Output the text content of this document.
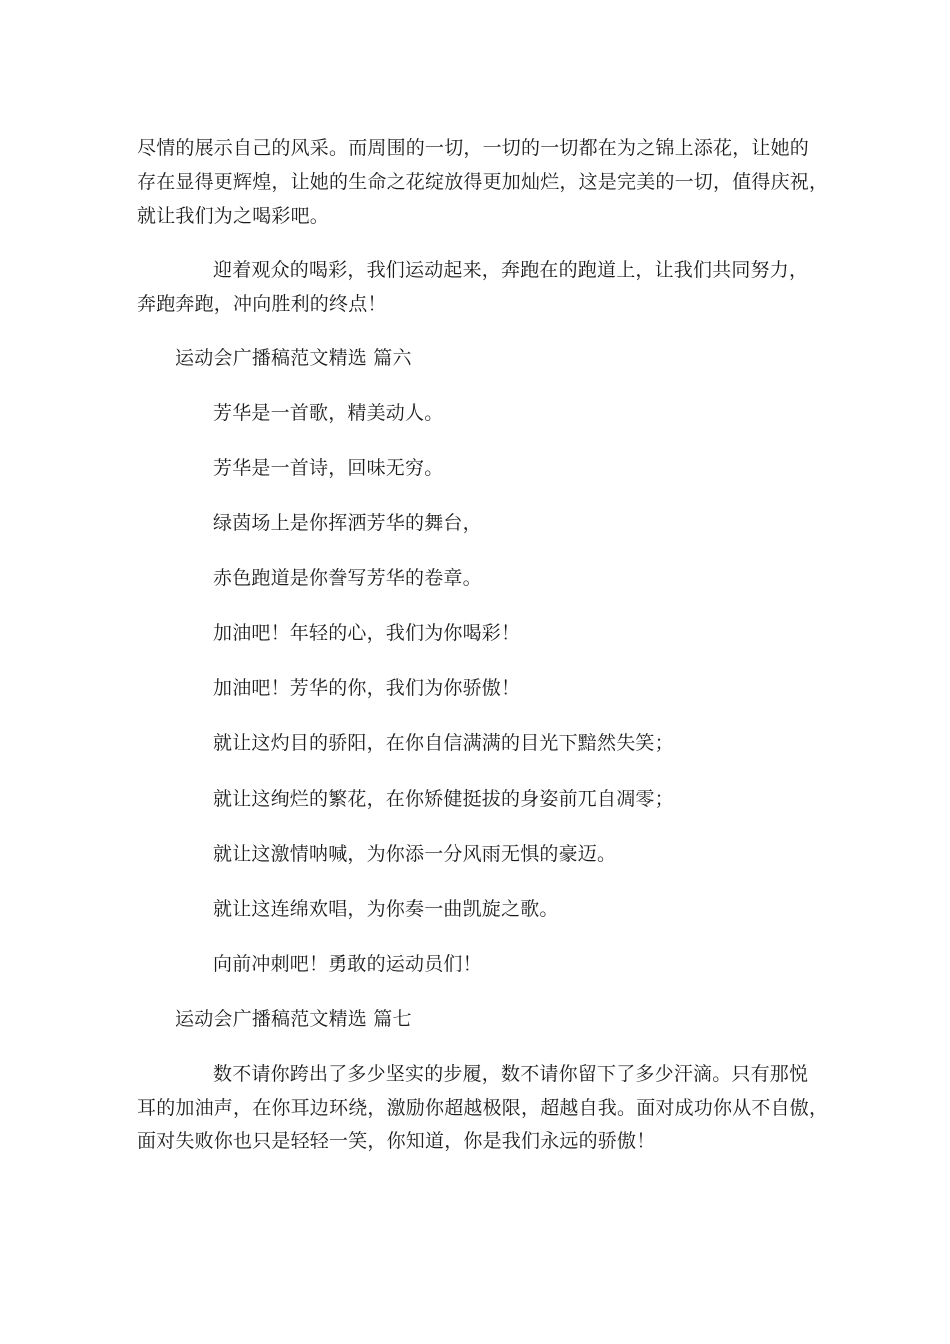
尽情的展示自己的风采。而周围的一切，一切的一切都在为之锦上添花，让她的
存在显得更辉煌，让她的生命之花绽放得更加灿烂，这是完美的一切，值得庆祝，
就让我们为之喝彩吧。
迎着观众的喝彩，我们运动起来，奔跑在的跑道上，让我们共同努力，
奔跑奔跑，冲向胜利的终点！
运动会广播稿范文精选 篇六
芳华是一首歌，精美动人。
芳华是一首诗，回味无穷。
绿茵场上是你挥洒芳华的舞台，
赤色跑道是你誊写芳华的卷章。
加油吧！年轻的心，我们为你喝彩！
加油吧！芳华的你，我们为你骄傲！
就让这灼目的骄阳，在你自信满满的目光下黯然失笑；
就让这绚烂的繁花，在你矫健挺拔的身姿前兀自凋零；
就让这激情呐喊，为你添一分风雨无惧的豪迈。
就让这连绵欢唱，为你奏一曲凯旋之歌。
向前冲刺吧！勇敢的运动员们！
运动会广播稿范文精选 篇七
数不请你跨出了多少坚实的步履，数不请你留下了多少汗滴。只有那悦
耳的加油声，在你耳边环绕，激励你超越极限，超越自我。面对成功你从不自傲，
面对失败你也只是轻轻一笑，你知道，你是我们永远的骄傲！
